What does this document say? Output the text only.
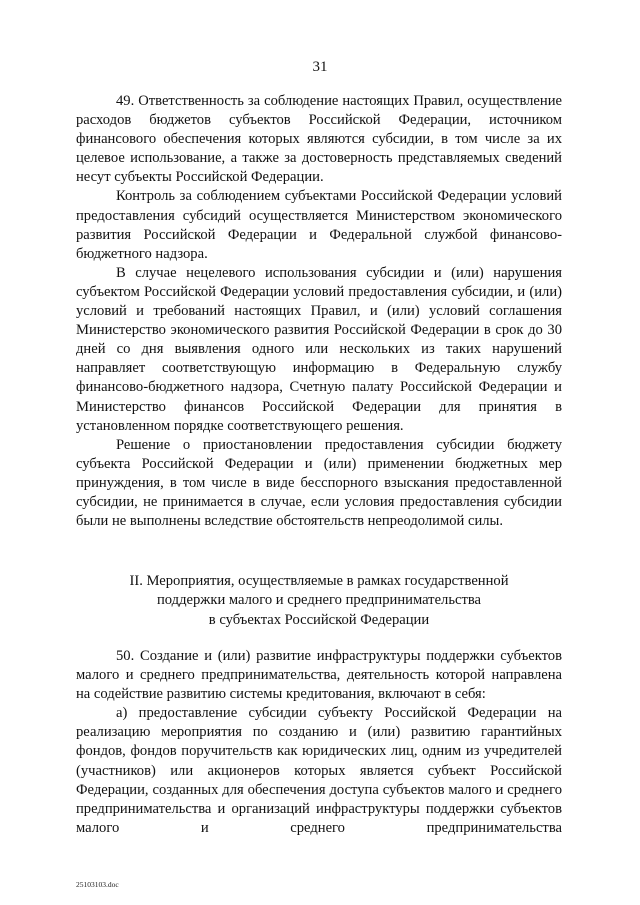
31

49. Ответственность за соблюдение настоящих Правил, осуществление расходов бюджетов субъектов Российской Федерации, источником финансового обеспечения которых являются субсидии, в том числе за их целевое использование, а также за достоверность представляемых сведений несут субъекты Российской Федерации.

Контроль за соблюдением субъектами Российской Федерации условий предоставления субсидий осуществляется Министерством экономического развития Российской Федерации и Федеральной службой финансово-бюджетного надзора.

В случае нецелевого использования субсидии и (или) нарушения субъектом Российской Федерации условий предоставления субсидии, и (или) условий и требований настоящих Правил, и (или) условий соглашения Министерство экономического развития Российской Федерации в срок до 30 дней со дня выявления одного или нескольких из таких нарушений направляет соответствующую информацию в Федеральную службу финансово-бюджетного надзора, Счетную палату Российской Федерации и Министерство финансов Российской Федерации для принятия в установленном порядке соответствующего решения.

Решение о приостановлении предоставления субсидии бюджету субъекта Российской Федерации и (или) применении бюджетных мер принуждения, в том числе в виде бесспорного взыскания предоставленной субсидии, не принимается в случае, если условия предоставления субсидии были не выполнены вследствие обстоятельств непреодолимой силы.

II. Мероприятия, осуществляемые в рамках государственной
поддержки малого и среднего предпринимательства
в субъектах Российской Федерации

50. Создание и (или) развитие инфраструктуры поддержки субъектов малого и среднего предпринимательства, деятельность которой направлена на содействие развитию системы кредитования, включают в себя:

а) предоставление субсидии субъекту Российской Федерации на реализацию мероприятия по созданию и (или) развитию гарантийных фондов, фондов поручительств как юридических лиц, одним из учредителей (участников) или акционеров которых является субъект Российской Федерации, созданных для обеспечения доступа субъектов малого и среднего предпринимательства и организаций инфраструктуры поддержки субъектов малого и среднего предпринимательства

25103103.doc
